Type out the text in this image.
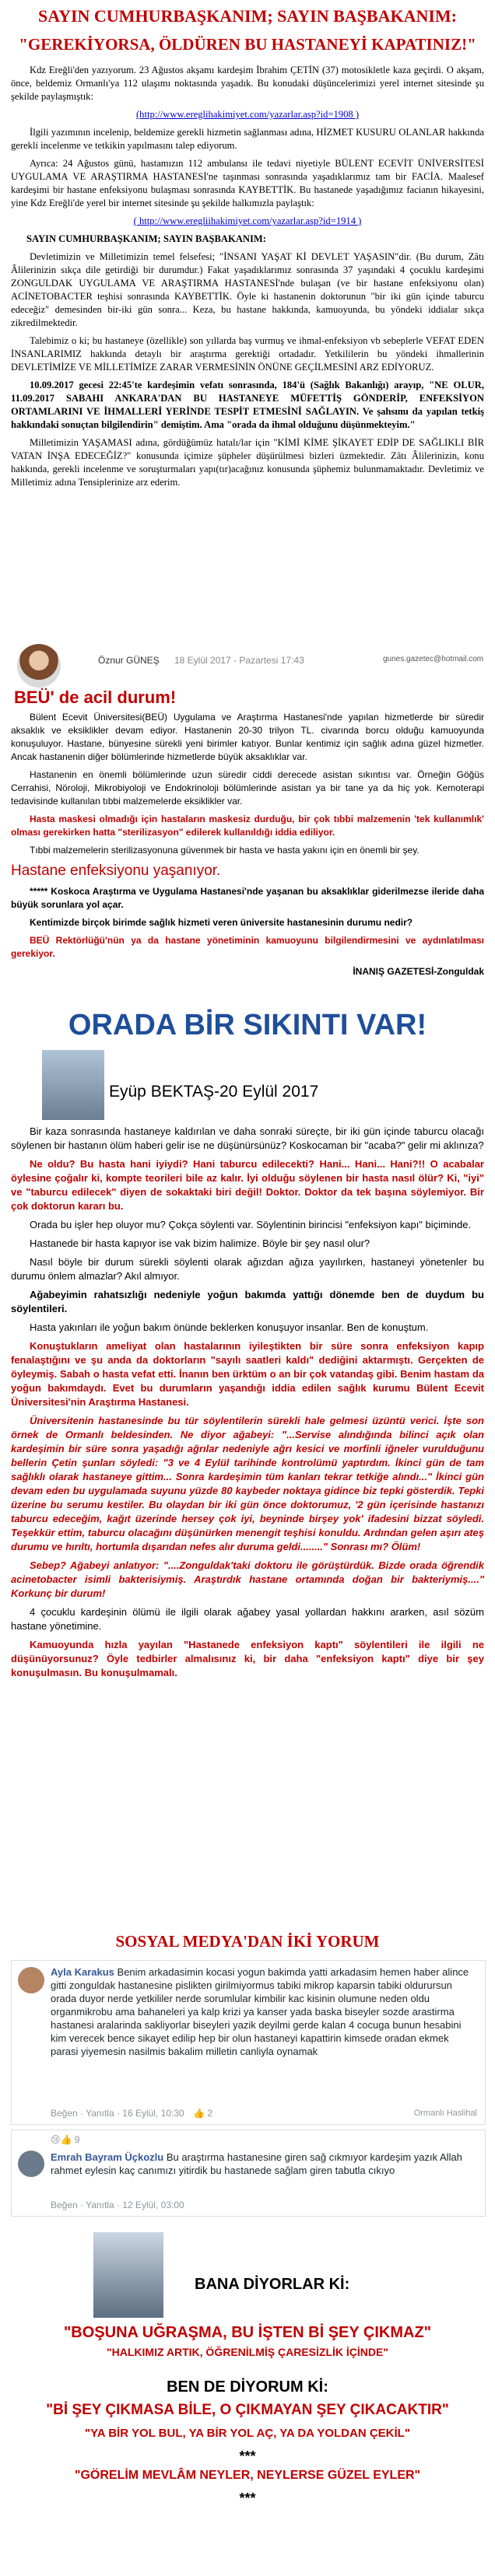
SAYIN CUMHURBAŞKANIM; SAYIN BAŞBAKANIM:
"GEREKİYORSA, ÖLDÜREN BU HASTANEYİ KAPATINIZ!"

Kdz Ereğli'den yazıyorum. 23 Ağustos akşamı kardeşim İbrahim ÇETİN (37) motosikletle kaza geçirdi. O akşam, önce, beldemiz Ormanlı'ya 112 ulaşımı noktasında yaşadık. Bu konudaki düşüncelerimizi yerel internet sitesinde şu şekilde paylaşmıştık:

(http://www.ereglihakimiyet.com/yazarlar.asp?id=1908 )

İlgili yazımının incelenip, beldemize gerekli hizmetin sağlanması adına, HİZMET KUSURU OLANLAR hakkında gerekli incelenme ve tetkikin yapılmasını talep ediyorum.

Ayrıca: 24 Ağustos günü, hastamızın 112 ambulansı ile tedavi niyetiyle BÜLENT ECEVİT ÜNİVERSİTESİ UYGULAMA VE ARAŞTIRMA HASTANESİ'ne taşınması sonrasında yaşadıklarımız tam bir FACİA. Maalesef kardeşimi bir hastane enfeksiyonu bulaşması sonrasında KAYBETTİK. Bu hastanede yaşadığımız facianın hikayesini, yine Kdz Ereğli'de yerel bir internet sitesinde şu şekilde halkımızla paylaştık:

( http://www.eregliihakimiyet.com/yazarlar.asp?id=1914 )

SAYIN CUMHURBAŞKANIM; SAYIN BAŞBAKANIM:

Devletimizin ve Milletimizin temel felsefesi; "İNSANI YAŞAT Kİ DEVLET YAŞASIN"dir. (Bu durum, Zâtı Âlilerinizin sıkça dile getirdiği bir durumdur.) Fakat yaşadıklarımız sonrasında 37 yaşındaki 4 çocuklu kardeşimi ZONGULDAK UYGULAMA VE ARAŞTIRMA HASTANESİ'nde bulaşan (ve bir hastane enfeksiyonu olan) ACİNETOBACTER teşhisi sonrasında KAYBETTİK. Öyle ki hastanenin doktorunun "bir iki gün içinde taburcu edeceğiz" demesinden bir-iki gün sonra... Keza, bu hastane hakkında, kamuoyunda, bu yöndeki iddialar sıkça zikredilmektedir.

Talebimiz o ki; bu hastaneye (özellikle) son yıllarda baş vurmuş ve ihmal-enfeksiyon vb sebeplerle VEFAT EDEN İNSANLARIMIZ hakkında detaylı bir araştırma gerektiği ortadadır. Yetkililerin bu yöndeki ihmallerinin DEVLETİMİZE VE MİLLETİMİZE ZARAR VERMESİNİN ÖNÜNE GEÇİLMESİNİ ARZ EDİYORUZ.

10.09.2017 gecesi 22:45'te kardeşimin vefatı sonrasında, 184'ü (Sağlık Bakanlığı) arayıp, "NE OLUR, 11.09.2017 SABAHI ANKARA'DAN BU HASTANEYE MÜFETTİŞ GÖNDERİP, ENFEKSİYON ORTAMLARINI VE İHMALLERİ YERİNDE TESPİT ETMESİNİ SAĞLAYIN. Ve şahsımı da yapılan tetkiş hakkındaki sonuçtan bilgilendirin" demiştim. Ama "orada da ihmal olduğunu düşünmekteyim."

Milletimizin YAŞAMASI adına, gördüğümüz hatalı/lar için "KİMİ KİME ŞİKAYET EDİP DE SAĞLIKLI BİR VATAN İNŞA EDECEĞİZ?" konusunda içimize şüpheler düşürülmesi bizleri üzmektedir. Zâtı Âlilerinizin, konu hakkında, gerekli incelenme ve soruşturmaları yapı(tır)acağınız konusunda şüphemiz bulunmamaktadır. Devletimiz ve Milletimiz adına Tensiplerinize arz ederim.

Öznur GÜNEŞ 18 Eylül 2017 - Pazartesi 17:43	gunes.gazetec@hotmail.com
BEÜ' de acil durum!

Bülent Ecevit Üniversitesi(BEÜ) Uygulama ve Araştırma Hastanesi'nde yapılan hizmetlerde bir süredir aksaklık ve eksiklikler devam ediyor. Hastanenin 20-30 trilyon TL. civarında borcu olduğu kamuoyunda konuşuluyor. Hastane, bünyesine sürekli yeni birimler katıyor. Bunlar kentimiz için sağlık adına güzel hizmetler. Ancak hastanenin diğer bölümlerinde hizmetlerde büyük aksaklıklar var.

Hastanenin en önemli bölümlerinde uzun süredir ciddi derecede asistan sıkıntısı var. Örneğin Göğüs Cerrahisi, Nöroloji, Mikrobiyoloji ve Endokrinoloji bölümlerinde asistan ya bir tane ya da hiç yok. Kemoterapi tedavisinde kullanılan tıbbi malzemelerde eksiklikler var.

Hasta maskesi olmadığı için hastaların maskesiz durduğu, bir çok tıbbi malzemenin 'tek kullanımlık' olması gerekirken hatta "sterilizasyon" edilerek kullanıldığı iddia ediliyor.

Tıbbi malzemelerin sterilizasyonuna güvenmek bir hasta ve hasta yakını için en önemli bir şey.

Hastane enfeksiyonu yaşanıyor.

***** Koskoca Araştırma ve Uygulama Hastanesi'nde yaşanan bu aksaklıklar giderilmezse ileride daha büyük sorunlara yol açar.

Kentimizde birçok birimde sağlık hizmeti veren üniversite hastanesinin durumu nedir?

BEÜ Rektörlüğü'nün ya da hastane yönetiminin kamuoyunu bilgilendirmesini ve aydınlatılması gerekiyor.

İNANIŞ GAZETESİ-Zonguldak

ORADA BİR SIKINTI VAR!
Eyüp BEKTAŞ-20 Eylül 2017

Bir kaza sonrasında hastaneye kaldırılan ve daha sonraki süreçte, bir iki gün içinde taburcu olacağı söylenen bir hastanın ölüm haberi gelir ise ne düşünürsünüz? Koskocaman bir "acaba?" gelir mi aklınıza?

Ne oldu? Bu hasta hani iyiydi? Hani taburcu edilecekti? Hani... Hani... Hani?!! O acabalar öylesine çoğalır ki, kompte teorileri bile az kalır. İyi olduğu söylenen bir hasta nasıl ölür? Ki, "iyi" ve "taburcu edilecek" diyen de sokaktaki biri değil! Doktor. Doktor da tek başına söylemiyor. Bir çok doktorun kararı bu.

Orada bu işler hep oluyor mu? Çokça söylenti var. Söylentinin birincisi "enfeksiyon kapı" biçiminde.

Hastanede bir hasta kapıyor ise vak bizim halimize. Böyle bir şey nasıl olur?

Nasıl böyle bir durum sürekli söylenti olarak ağızdan ağıza yayılırken, hastaneyi yönetenler bu durumu önlem almazlar? Akıl almıyor.

Ağabeyimin rahatsızlığı nedeniyle yoğun bakımda yattığı dönemde ben de duydum bu söylentileri.

Hasta yakınları ile yoğun bakım önünde beklerken konuşuyor insanlar. Ben de konuştum.

Konuştukların ameliyat olan hastalarının iyileştikten bir süre sonra enfeksiyon kapıp fenalaştığını ve şu anda da doktorların "sayılı saatleri kaldı" dediğini aktarmıştı. Gerçekten de öyleymiş. Sabah o hasta vefat etti. İnanın ben ürktüm o an bir çok vatandaş gibi. Benim hastam da yoğun bakımdaydı. Evet bu durumların yaşandığı iddia edilen sağlık kurumu Bülent Ecevit Üniversitesi'nin Araştırma Hastanesi.

Üniversitenin hastanesinde bu tür söylentilerin sürekli hale gelmesi üzüntü verici. İşte son örnek de Ormanlı beldesinden. Ne diyor ağabeyi: "...Servise alındığında bilinci açık olan kardeşimin bir süre sonra yaşadığı ağrılar nedeniyle ağrı kesici ve morfinli iğneler vurulduğunu bellerin Çetin şunları söyledi: "3 ve 4 Eylül tarihinde kontrolümü yaptırdım. İkinci gün de tam sağlıklı olarak hastaneye gittim... Sonra kardeşimin tüm kanları tekrar tetkiğe alındı..." İkinci gün devam eden bu uygulamada suyunu yüzde 80 kaybeder noktaya gidince biz tepki gösterdik. Tepki üzerine bu serumu kestiler. Bu olaydan bir iki gün önce doktorumuz, '2 gün içerisinde hastanızı taburcu edeceğim, kağıt üzerinde hersey çok iyi, beyninde birşey yok' ifadesini bizzat söyledi. Teşekkür ettim, taburcu olacağını düşünürken menengit teşhisi konuldu. Ardından gelen aşırı ateş durumu ve hırıltı, hortumla dışarıdan nefes alır duruma geldi........" Sonrası mı? Ölüm!

Sebep? Ağabeyi anlatıyor: "....Zonguldak'taki doktoru ile görüştürdük. Bizde orada öğrendik acinetobacter isimli bakterisiymiş. Araştırdık hastane ortamında doğan bir bakteriymiş...." Korkunç bir durum!

4 çocuklu kardeşinin ölümü ile ilgili olarak ağabey yasal yollardan hakkını ararken, asıl sözüm hastane yönetimine.

Kamuoyunda hızla yayılan "Hastanede enfeksiyon kaptı" söylentileri ile ilgili ne düşünüyorsunuz? Öyle tedbirler almalısınız ki, bir daha "enfeksiyon kaptı" diye bir şey konuşulmasın. Bu konuşulmamalı.

SOSYAL MEDYA'DAN İKİ YORUM
Ayla Karakus Benim arkadasimin kocasi yogun bakimda yatti arkadasim hemen haber alince gitti zonguldak hastanesine pislikten girilmiyormus tabiki mikrop kaparsin tabiki oldurursun orada duyor nerde yetkililer nerde sorumlular kimbilir kac kisinin olumune neden oldu organmikrobu ama bahaneleri ya kalp krizi ya kanser yada baska biseyler sozde arastirma hastanesi aralarinda sakliyorlar biseyleri yazik deyilmi gerde kalan 4 cocuga bunun hesabini kim verecek bence sikayet edilip hep bir olun hastaneyi kapattirin kimsede oradan ekmek parasi yiyemesin nasilmis bakalim milletin canliyla oynamak
Beğen · Yanıtla · 16 Eylül, 10:30 👍 2	Ormanlı Haslihal
😢👍 9
Emrah Bayram Üçkozlu Bu araştırma hastanesine giren sağ cıkmıyor kardeşim yazık Allah rahmet eylesin kaç canımızı yitirdik bu hastanede sağlam giren tabutla cıkıyo
Beğen · Yanıtla · 12 Eylül, 03:00
BANA DİYORLAR Kİ:
"BOŞUNA UĞRAŞMA, BU İŞTEN Bİ ŞEY ÇIKMAZ"
"HALKIMIZ ARTIK, ÖĞRENİLMİŞ ÇARESİZLİK İÇİNDE"
BEN DE DİYORUM Kİ:
"Bİ ŞEY ÇIKMASA BİLE, O ÇIKMAYAN ŞEY ÇIKACAKTIR"
"YA BİR YOL BUL, YA BİR YOL AÇ, YA DA YOLDAN ÇEKİL"
***
"GÖRELİM MEVLÂM NEYLER, NEYLERSE GÜZEL EYLER"
***
